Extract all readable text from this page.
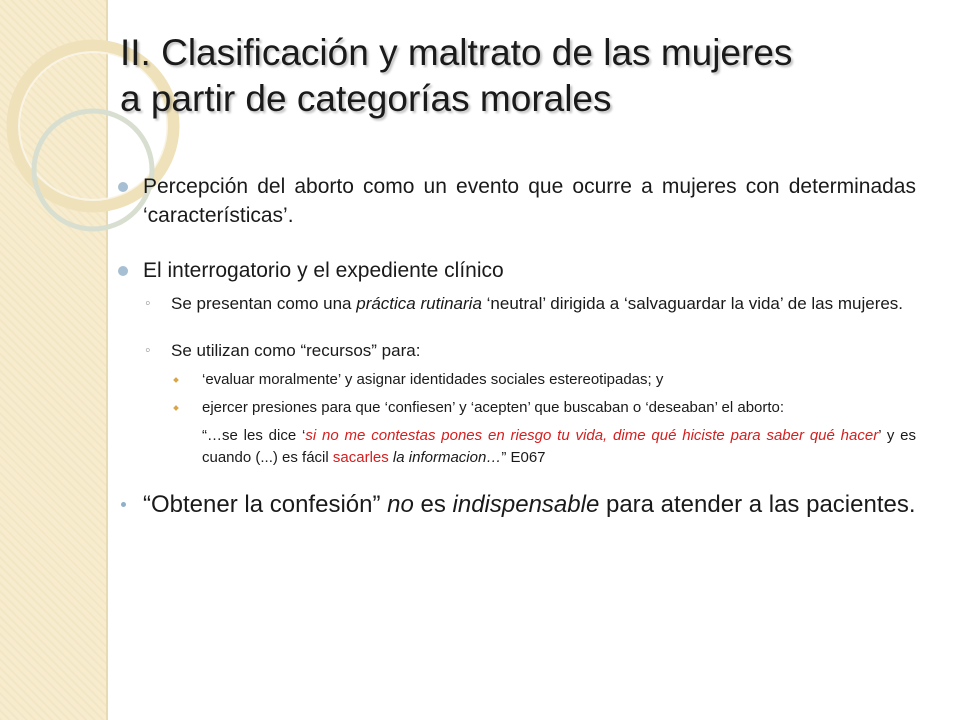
II. Clasificación y maltrato de las mujeres
a partir de categorías morales
Percepción del aborto como un evento que ocurre a mujeres con determinadas ‘características’.
El interrogatorio y el expediente clínico
◦ Se presentan como una práctica rutinaria ‘neutral’ dirigida a ‘salvaguardar la vida’ de las mujeres.
◦ Se utilizan como “recursos” para:
‘evaluar moralmente’ y asignar identidades sociales estereotipadas; y
ejercer presiones para que ‘confiesen’ y ‘acepten’ que buscaban o ‘deseaban’ el aborto:
“…se les dice ‘si no me contestas pones en riesgo tu vida, dime qué hiciste para saber qué hacer’ y es cuando (...) es fácil sacarles la informacion…” E067
“Obtener la confesión” no es indispensable para atender a las pacientes.
